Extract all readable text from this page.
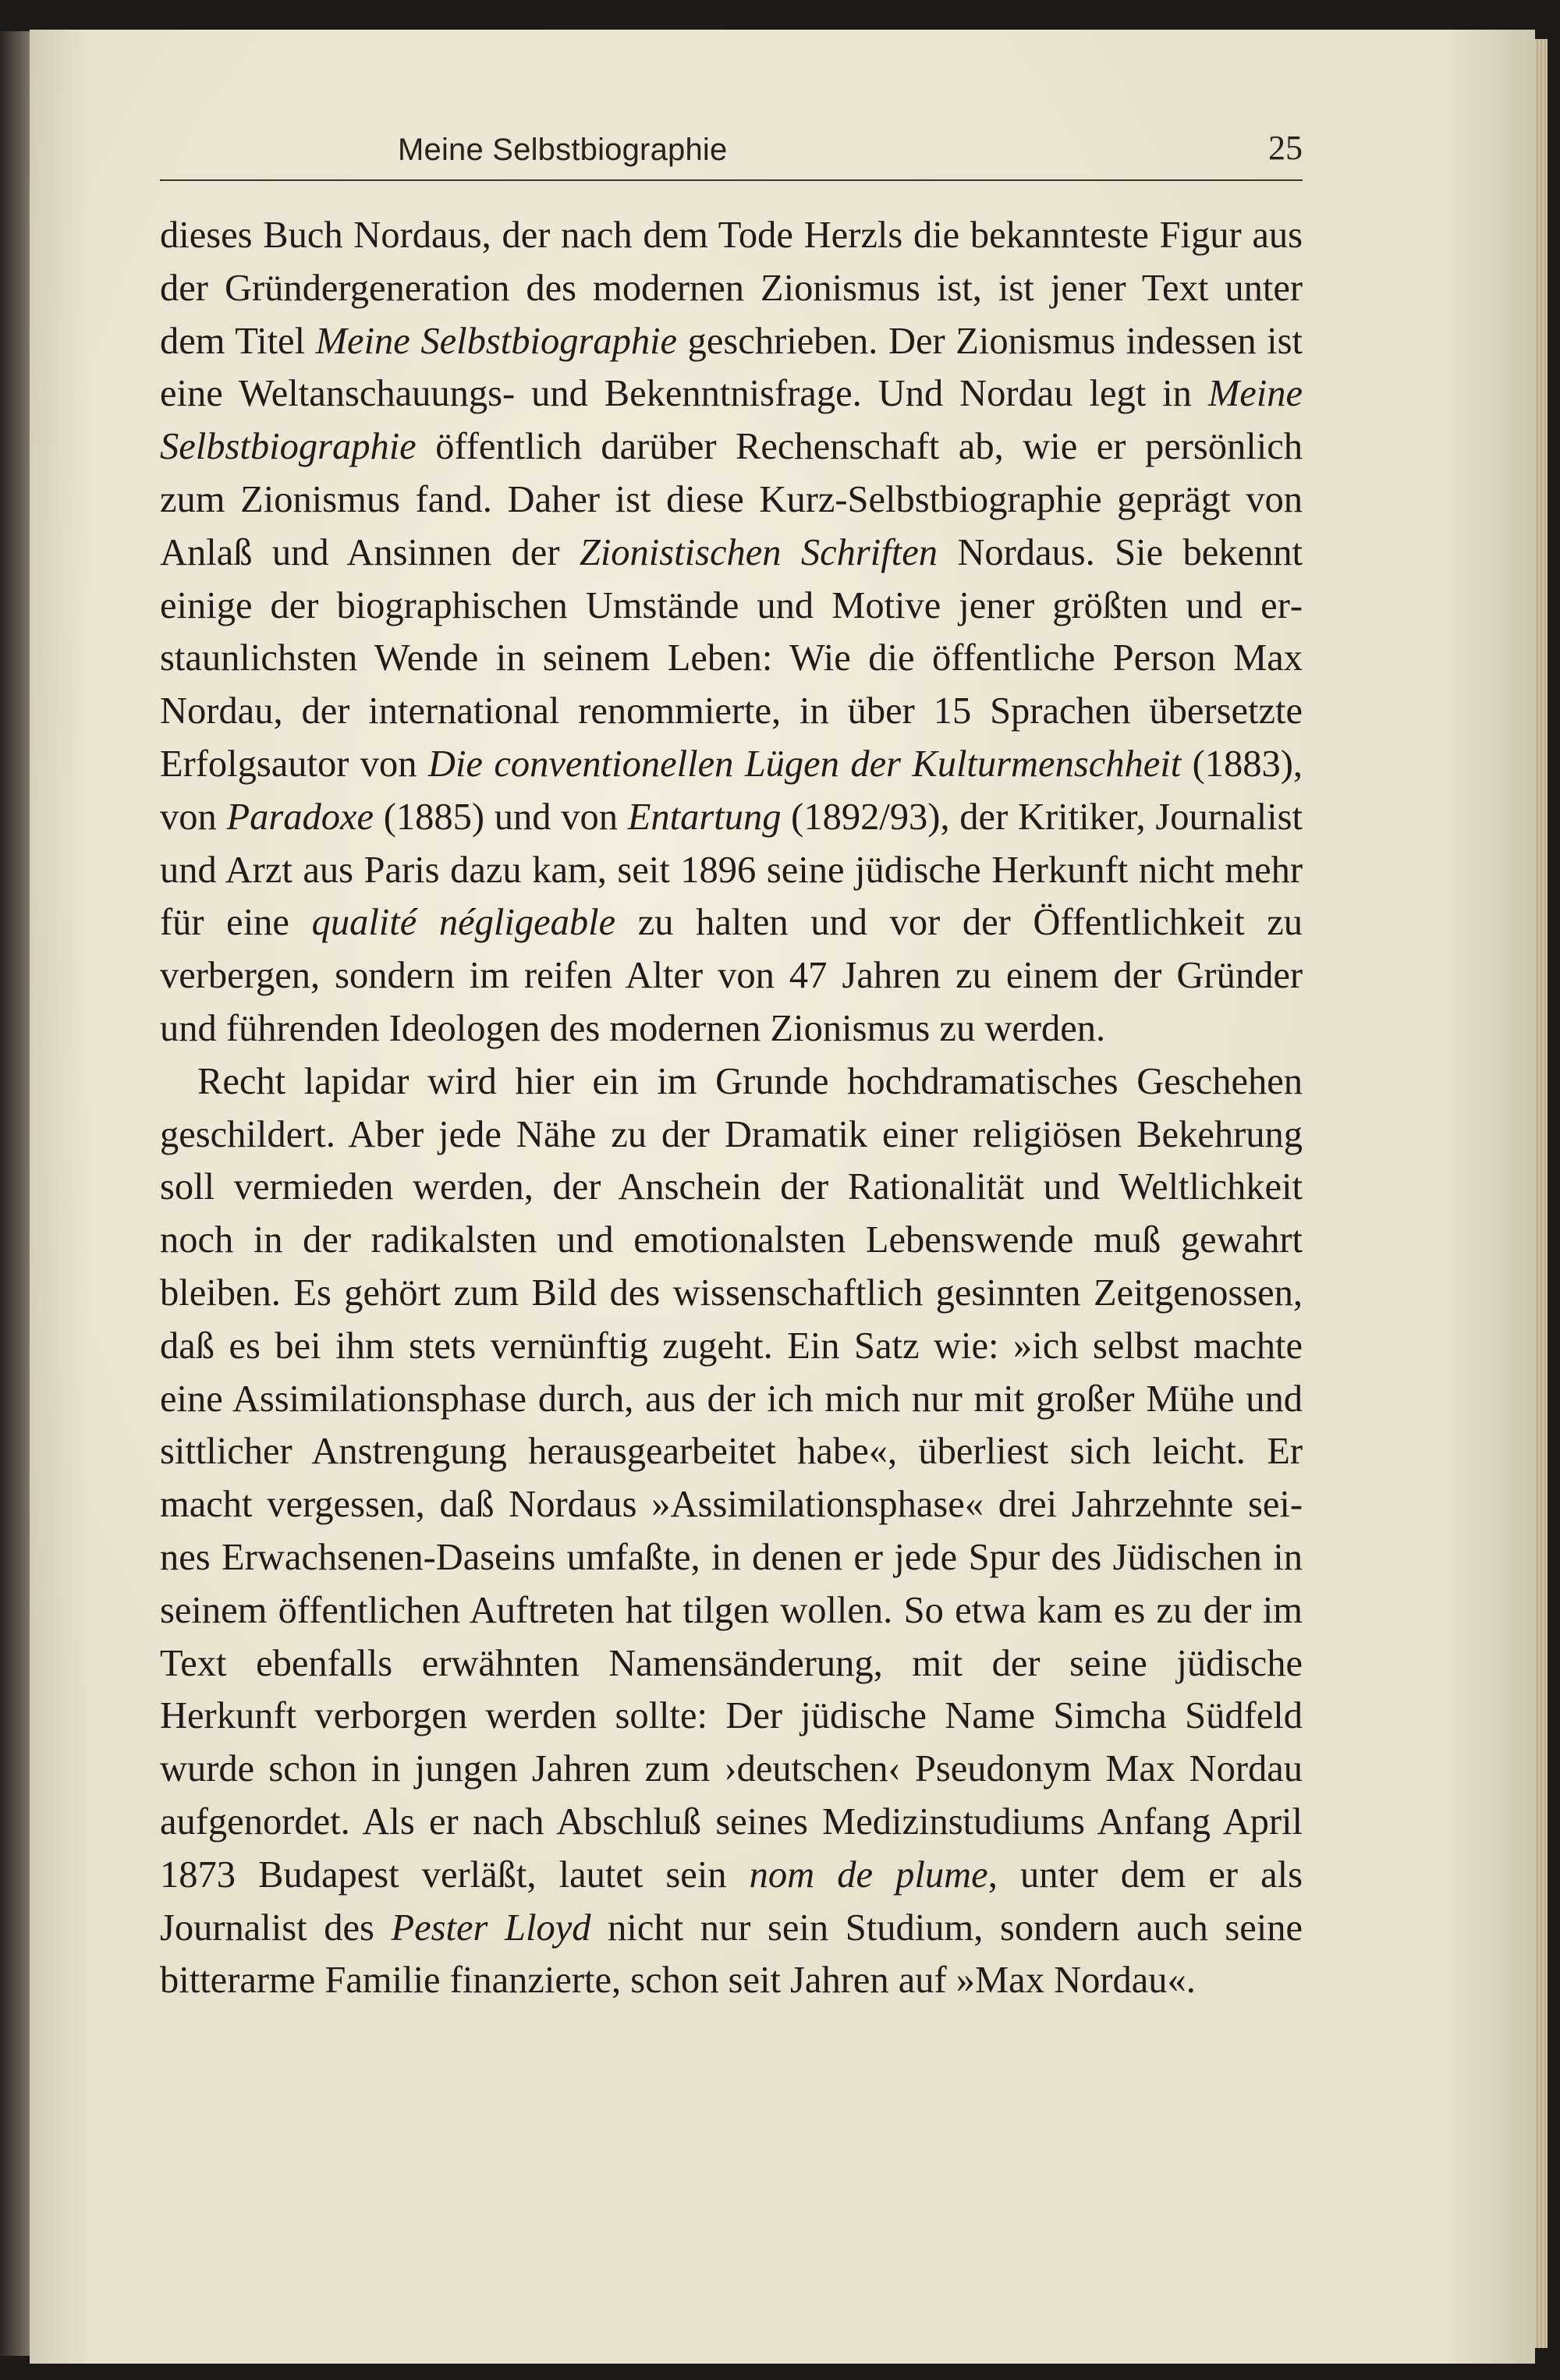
Meine Selbstbiographie	25

dieses Buch Nordaus, der nach dem Tode Herzls die bekannteste Figur aus der Gründergeneration des modernen Zionismus ist, ist jener Text unter dem Titel Meine Selbstbiographie geschrieben. Der Zionismus indessen ist eine Weltanschauungs- und Bekenntnisfrage. Und Nordau legt in Meine Selbstbiographie öffentlich darüber Rechenschaft ab, wie er persönlich zum Zionismus fand. Daher ist diese Kurz-Selbstbiographie geprägt von Anlaß und Ansinnen der Zionistischen Schriften Nordaus. Sie bekennt einige der biographischen Umstände und Motive jener größten und erstaunlichsten Wende in seinem Leben: Wie die öffentliche Person Max Nordau, der international renommierte, in über 15 Sprachen übersetzte Erfolgsautor von Die conventionellen Lügen der Kulturmenschheit (1883), von Paradoxe (1885) und von Entartung (1892/93), der Kritiker, Journalist und Arzt aus Paris dazu kam, seit 1896 seine jüdische Herkunft nicht mehr für eine qualité négligeable zu halten und vor der Öffentlichkeit zu verbergen, sondern im reifen Alter von 47 Jahren zu einem der Gründer und führenden Ideologen des modernen Zionismus zu werden.

Recht lapidar wird hier ein im Grunde hochdramatisches Geschehen geschildert. Aber jede Nähe zu der Dramatik einer religiösen Bekehrung soll vermieden werden, der Anschein der Rationalität und Weltlichkeit noch in der radikalsten und emotionalsten Lebenswende muß gewahrt bleiben. Es gehört zum Bild des wissenschaftlich gesinnten Zeitgenossen, daß es bei ihm stets vernünftig zugeht. Ein Satz wie: »ich selbst machte eine Assimilationsphase durch, aus der ich mich nur mit großer Mühe und sittlicher Anstrengung herausgearbeitet habe«, überliest sich leicht. Er macht vergessen, daß Nordaus »Assimilationsphase« drei Jahrzehnte seines Erwachsenen-Daseins umfaßte, in denen er jede Spur des Jüdischen in seinem öffentlichen Auftreten hat tilgen wollen. So etwa kam es zu der im Text ebenfalls erwähnten Namensänderung, mit der seine jüdische Herkunft verborgen werden sollte: Der jüdische Name Simcha Südfeld wurde schon in jungen Jahren zum ›deutschen‹ Pseudonym Max Nordau aufgenordet. Als er nach Abschluß seines Medizinstudiums Anfang April 1873 Budapest verläßt, lautet sein nom de plume, unter dem er als Journalist des Pester Lloyd nicht nur sein Studium, sondern auch seine bitterarme Familie finanzierte, schon seit Jahren auf »Max Nordau«.
